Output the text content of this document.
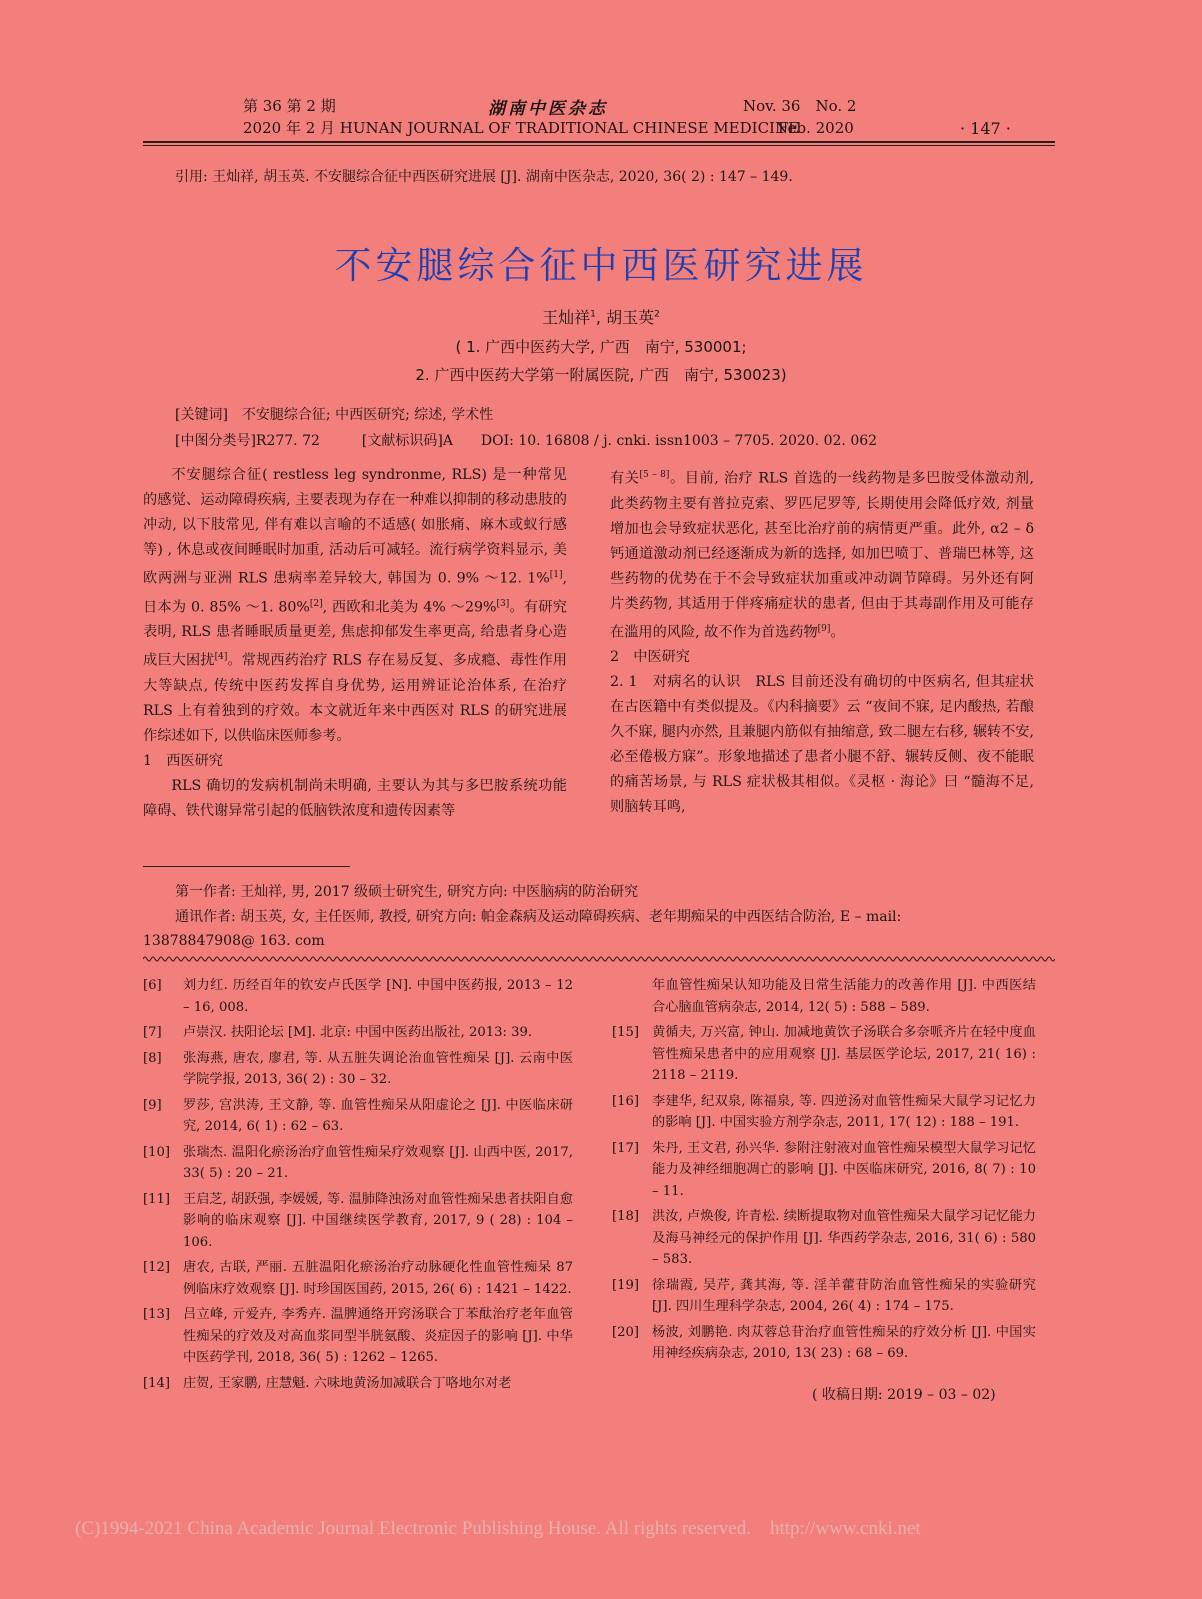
第 36 第 2 期	湖南中医杂志	Nov. 36　No. 2
2020 年 2 月 HUNAN JOURNAL OF TRADITIONAL CHINESE MEDICINE
Feb. 2020	· 147 ·
引用: 王灿祥, 胡玉英. 不安腿综合征中西医研究进展 [J]. 湖南中医杂志, 2020, 36( 2) : 147 – 149.
不安腿综合征中西医研究进展
王灿祥$^1$, 胡玉英$^2$
( 1. 广西中医药大学, 广西　南宁, 530001;
2. 广西中医药大学第一附属医院, 广西　南宁, 530023)
[关键词]　不安腿综合征; 中西医研究; 综述, 学术性
[中图分类号]R277. 72　　　[文献标识码]A　　DOI: 10. 16808 / j. cnki. issn1003 – 7705. 2020. 02. 062

不安腿综合征( restless leg syndronme, RLS) 是一种常见的感觉、运动障碍疾病, 主要表现为存在一种难以抑制的移动患肢的冲动, 以下肢常见, 伴有难以言喻的不适感( 如胀痛、麻木或蚁行感等) , 休息或夜间睡眠时加重, 活动后可减轻。流行病学资料显示, 美欧两洲与亚洲 RLS 患病率差异较大, 韩国为 0. 9% ～12. 1%[1], 日本为 0. 85% ～1. 80%[2], 西欧和北美为 4% ～29%[3]。有研究表明, RLS 患者睡眠质量更差, 焦虑抑郁发生率更高, 给患者身心造成巨大困扰[4]。常规西药治疗 RLS 存在易反复、多成瘾、毒性作用大等缺点, 传统中医药发挥自身优势, 运用辨证论治体系, 在治疗 RLS 上有着独到的疗效。本文就近年来中西医对 RLS 的研究进展作综述如下, 以供临床医师参考。

1　西医研究

RLS 确切的发病机制尚未明确, 主要认为其与多巴胺系统功能障碍、铁代谢异常引起的低脑铁浓度和遗传因素等

有关[5 – 8]。目前, 治疗 RLS 首选的一线药物是多巴胺受体激动剂, 此类药物主要有普拉克索、罗匹尼罗等, 长期使用会降低疗效, 剂量增加也会导致症状恶化, 甚至比治疗前的病情更严重。此外, α2 – δ 钙通道激动剂已经逐渐成为新的选择, 如加巴喷丁、普瑞巴林等, 这些药物的优势在于不会导致症状加重或冲动调节障碍。另外还有阿片类药物, 其适用于伴疼痛症状的患者, 但由于其毒副作用及可能存在滥用的风险, 故不作为首选药物[9]。

2　中医研究

2. 1　对病名的认识　RLS 目前还没有确切的中医病名, 但其症状在古医籍中有类似提及。《内科摘要》云 “夜间不寐, 足内酸热, 若酿久不寐, 腿内亦然, 且兼腿内筋似有抽缩意, 致二腿左右移, 辗转不安, 必至倦极方寐”。形象地描述了患者小腿不舒、辗转反侧、夜不能眠的痛苦场景, 与 RLS 症状极其相似。《灵枢 · 海论》曰 “髓海不足, 则脑转耳鸣,

第一作者: 王灿祥, 男, 2017 级硕士研究生, 研究方向: 中医脑病的防治研究

通讯作者: 胡玉英, 女, 主任医师, 教授, 研究方向: 帕金森病及运动障碍疾病、老年期痴呆的中西医结合防治, E – mail:

13878847908@ 163. com

[6]	刘力红. 历经百年的钦安卢氏医学 [N]. 中国中医药报, 2013 – 12 – 16, 008.
[7]	卢崇汉. 扶阳论坛 [M]. 北京: 中国中医药出版社, 2013: 39.
[8]	张海燕, 唐农, 廖君, 等. 从五脏失调论治血管性痴呆 [J]. 云南中医学院学报, 2013, 36( 2) : 30 – 32.
[9]	罗莎, 宫洪涛, 王文静, 等. 血管性痴呆从阳虚论之 [J]. 中医临床研究, 2014, 6( 1) : 62 – 63.
[10] 张瑞杰. 温阳化瘀汤治疗血管性痴呆疗效观察 [J]. 山西中医, 2017, 33( 5) : 20 – 21.
[11] 王启芝, 胡跃强, 李媛媛, 等. 温肺降浊汤对血管性痴呆患者扶阳自愈影响的临床观察 [J]. 中国继续医学教育, 2017, 9 ( 28) : 104 – 106.
[12] 唐农, 古联, 严丽. 五脏温阳化瘀汤治疗动脉硬化性血管性痴呆 87 例临床疗效观察 [J]. 时珍国医国药, 2015, 26( 6) : 1421 – 1422.
[13] 吕立峰, 亓爱卉, 李秀卉. 温脾通络开窍汤联合丁苯酞治疗老年血管性痴呆的疗效及对高血浆同型半胱氨酸、炎症因子的影响 [J]. 中华中医药学刊, 2018, 36( 5) : 1262 – 1265.
[14] 庄贺, 王家鹏, 庄慧魁. 六味地黄汤加减联合丁咯地尔对老
年血管性痴呆认知功能及日常生活能力的改善作用 [J]. 中西医结合心脑血管病杂志, 2014, 12( 5) : 588 – 589.
[15] 黄循夫, 万兴富, 钟山. 加减地黄饮子汤联合多奈哌齐片在轻中度血管性痴呆患者中的应用观察 [J]. 基层医学论坛, 2017, 21( 16) : 2118 – 2119.
[16] 李建华, 纪双泉, 陈福泉, 等. 四逆汤对血管性痴呆大鼠学习记忆力的影响 [J]. 中国实验方剂学杂志, 2011, 17( 12) : 188 – 191.
[17] 朱丹, 王文君, 孙兴华. 参附注射液对血管性痴呆模型大鼠学习记忆能力及神经细胞凋亡的影响 [J]. 中医临床研究, 2016, 8( 7) : 10 – 11.
[18] 洪汝, 卢焕俊, 许青松. 续断提取物对血管性痴呆大鼠学习记忆能力及海马神经元的保护作用 [J]. 华西药学杂志, 2016, 31( 6) : 580 – 583.
[19] 徐瑞霞, 吴芹, 龚其海, 等. 淫羊藿苷防治血管性痴呆的实验研究 [J]. 四川生理科学杂志, 2004, 26( 4) : 174 – 175.
[20] 杨波, 刘鹏艳. 肉苁蓉总苷治疗血管性痴呆的疗效分析 [J]. 中国实用神经疾病杂志, 2010, 13( 23) : 68 – 69.
( 收稿日期: 2019 – 03 – 02)
(C)1994-2021 China Academic Journal Electronic Publishing House. All rights reserved.　http://www.cnki.net
